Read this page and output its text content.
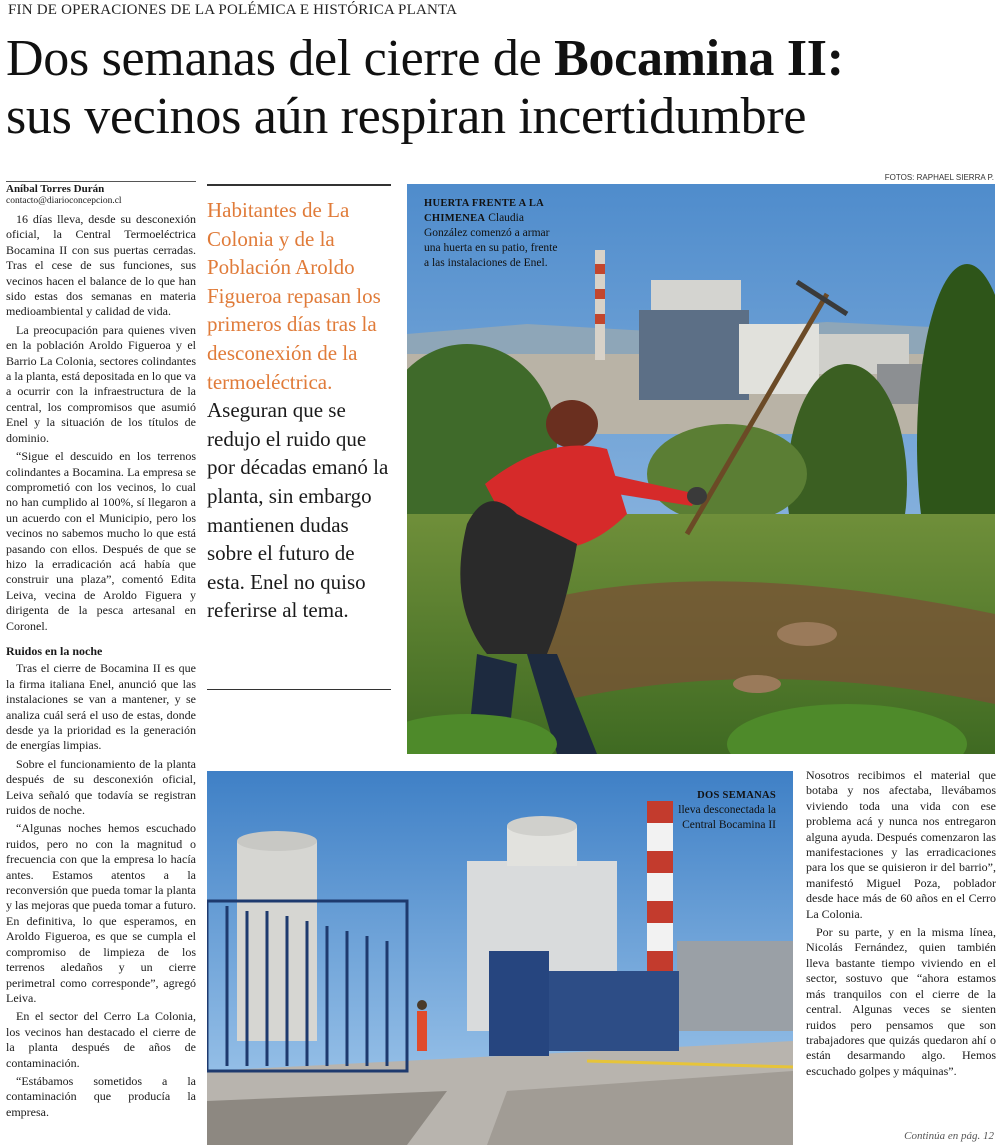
FIN DE OPERACIONES DE LA POLÉMICA E HISTÓRICA PLANTA
Dos semanas del cierre de Bocamina II:
sus vecinos aún respiran incertidumbre
FOTOS: RAPHAEL SIERRA P.
Aníbal Torres Durán
contacto@diarioconcepcion.cl

16 días lleva, desde su desconexión oficial, la Central Termoeléctrica Bocamina II con sus puertas cerradas. Tras el cese de sus funciones, sus vecinos hacen el balance de lo que han sido estas dos semanas en materia medioambiental y calidad de vida.

La preocupación para quienes viven en la población Aroldo Figueroa y el Barrio La Colonia, sectores colindantes a la planta, está depositada en lo que va a ocurrir con la infraestructura de la central, los compromisos que asumió Enel y la situación de los títulos de dominio.

“Sigue el descuido en los terrenos colindantes a Bocamina. La empresa se comprometió con los vecinos, lo cual no han cumplido al 100%, sí llegaron a un acuerdo con el Municipio, pero los vecinos no sabemos mucho lo que está pasando con ellos. Después de que se hizo la erradicación acá había que construir una plaza”, comentó Edita Leiva, vecina de Aroldo Figuera y dirigenta de la pesca artesanal en Coronel.

Ruidos en la noche

Tras el cierre de Bocamina II es que la firma italiana Enel, anunció que las instalaciones se van a mantener, y se analiza cuál será el uso de estas, donde desde ya la prioridad es la generación de energías limpias.

Sobre el funcionamiento de la planta después de su desconexión oficial, Leiva señaló que todavía se registran ruidos de noche.

“Algunas noches hemos escuchado ruidos, pero no con la magnitud o frecuencia con que la empresa lo hacía antes. Estamos atentos a la reconversión que pueda tomar la planta y las mejoras que pueda tomar a futuro. En definitiva, lo que esperamos, en Aroldo Figueroa, es que se cumpla el compromiso de limpieza de los terrenos aledaños y un cierre perimetral como corresponde”, agregó Leiva.

En el sector del Cerro La Colonia, los vecinos han destacado el cierre de la planta después de años de contaminación.

“Estábamos sometidos a la contaminación que producía la empresa.

Habitantes de La Colonia y de la Población Aroldo Figueroa repasan los primeros días tras la desconexión de la termoeléctrica.
Aseguran que se redujo el ruido que por décadas emanó la planta, sin embargo mantienen dudas sobre el futuro de esta. Enel no quiso referirse al tema.
HUERTA FRENTE A LA CHIMENEA Claudia González comenzó a armar una huerta en su patio, frente a las instalaciones de Enel.
DOS SEMANAS lleva desconectada la Central Bocamina II

Nosotros recibimos el material que botaba y nos afectaba, llevábamos viviendo toda una vida con ese problema acá y nunca nos entregaron alguna ayuda. Después comenzaron las manifestaciones y las erradicaciones para los que se quisieron ir del barrio”, manifestó Miguel Poza, poblador desde hace más de 60 años en el Cerro La Colonia.

Por su parte, y en la misma línea, Nicolás Fernández, quien también lleva bastante tiempo viviendo en el sector, sostuvo que “ahora estamos más tranquilos con el cierre de la central. Algunas veces se sienten ruidos pero pensamos que son trabajadores que quizás quedaron ahí o están desarmando algo. Hemos escuchado golpes y máquinas”.

Continúa en pág. 12
